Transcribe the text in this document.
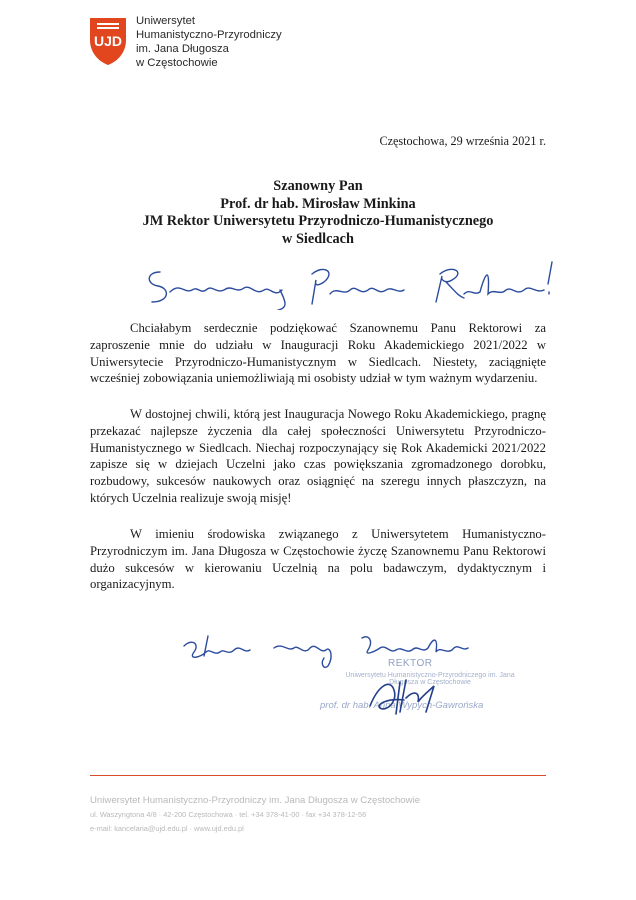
UJD
Uniwersytet
Humanistyczno-Przyrodniczy
im. Jana Długosza
w Częstochowie
Częstochowa, 29 września 2021 r.
Szanowny Pan
Prof. dr hab. Mirosław Minkina
JM Rektor Uniwersytetu Przyrodniczo-Humanistycznego
w Siedlcach

Chciałabym serdecznie podziękować Szanownemu Panu Rektorowi za zaproszenie mnie do udziału w Inauguracji Roku Akademickiego 2021/2022 w Uniwersytecie Przyrodniczo-Humanistycznym w Siedlcach. Niestety, zaciągnięte wcześniej zobowiązania uniemożliwiają mi osobisty udział w tym ważnym wydarzeniu.

W dostojnej chwili, którą jest Inauguracja Nowego Roku Akademickiego, pragnę przekazać najlepsze życzenia dla całej społeczności Uniwersytetu Przyrodniczo-Humanistycznego w Siedlcach. Niechaj rozpoczynający się Rok Akademicki 2021/2022 zapisze się w dziejach Uczelni jako czas powiększania zgromadzonego dorobku, rozbudowy, sukcesów naukowych oraz osiągnięć na szeregu innych płaszczyzn, na których Uczelnia realizuje swoją misję!

W imieniu środowiska związanego z Uniwersytetem Humanistyczno-Przyrodniczym im. Jana Długosza w Częstochowie życzę Szanownemu Panu Rektorowi dużo sukcesów w kierowaniu Uczelnią na polu badawczym, dydaktycznym i organizacyjnym.

REKTOR
Uniwersytetu Humanistyczno-Przyrodniczego im. Jana Długosza w Częstochowie
prof. dr hab. Anna Wypych-Gawrońska
Uniwersytet Humanistyczno-Przyrodniczy im. Jana Długosza w Częstochowie
ul. Waszyngtona 4/8 · 42-200 Częstochowa · tel. +34 378-41-00 · fax +34 378-12-56
e-mail: kancelaria@ujd.edu.pl · www.ujd.edu.pl
